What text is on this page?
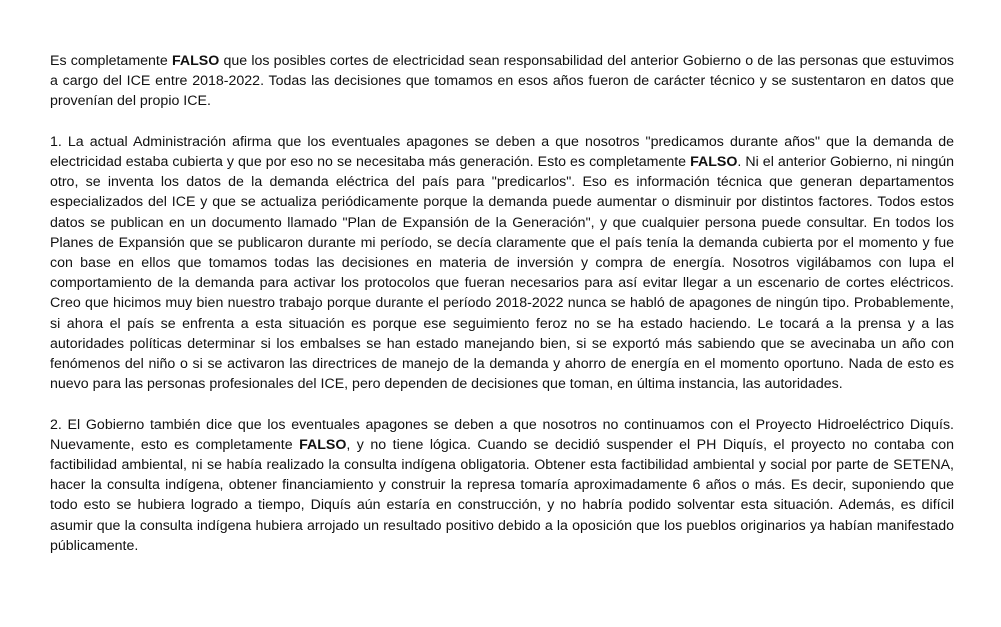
Es completamente FALSO que los posibles cortes de electricidad sean responsabilidad del anterior Gobierno o de las personas que estuvimos a cargo del ICE entre 2018-2022. Todas las decisiones que tomamos en esos años fueron de carácter técnico y se sustentaron en datos que provenían del propio ICE.

1. La actual Administración afirma que los eventuales apagones se deben a que nosotros "predicamos durante años" que la demanda de electricidad estaba cubierta y que por eso no se necesitaba más generación. Esto es completamente FALSO. Ni el anterior Gobierno, ni ningún otro, se inventa los datos de la demanda eléctrica del país para "predicarlos". Eso es información técnica que generan departamentos especializados del ICE y que se actualiza periódicamente porque la demanda puede aumentar o disminuir por distintos factores. Todos estos datos se publican en un documento llamado "Plan de Expansión de la Generación", y que cualquier persona puede consultar. En todos los Planes de Expansión que se publicaron durante mi período, se decía claramente que el país tenía la demanda cubierta por el momento y fue con base en ellos que tomamos todas las decisiones en materia de inversión y compra de energía. Nosotros vigilábamos con lupa el comportamiento de la demanda para activar los protocolos que fueran necesarios para así evitar llegar a un escenario de cortes eléctricos. Creo que hicimos muy bien nuestro trabajo porque durante el período 2018-2022 nunca se habló de apagones de ningún tipo. Probablemente, si ahora el país se enfrenta a esta situación es porque ese seguimiento feroz no se ha estado haciendo. Le tocará a la prensa y a las autoridades políticas determinar si los embalses se han estado manejando bien, si se exportó más sabiendo que se avecinaba un año con fenómenos del niño o si se activaron las directrices de manejo de la demanda y ahorro de energía en el momento oportuno. Nada de esto es nuevo para las personas profesionales del ICE, pero dependen de decisiones que toman, en última instancia, las autoridades.

2. El Gobierno también dice que los eventuales apagones se deben a que nosotros no continuamos con el Proyecto Hidroeléctrico Diquís. Nuevamente, esto es completamente FALSO, y no tiene lógica. Cuando se decidió suspender el PH Diquís, el proyecto no contaba con factibilidad ambiental, ni se había realizado la consulta indígena obligatoria. Obtener esta factibilidad ambiental y social por parte de SETENA, hacer la consulta indígena, obtener financiamiento y construir la represa tomaría aproximadamente 6 años o más. Es decir, suponiendo que todo esto se hubiera logrado a tiempo, Diquís aún estaría en construcción, y no habría podido solventar esta situación. Además, es difícil asumir que la consulta indígena hubiera arrojado un resultado positivo debido a la oposición que los pueblos originarios ya habían manifestado públicamente.
